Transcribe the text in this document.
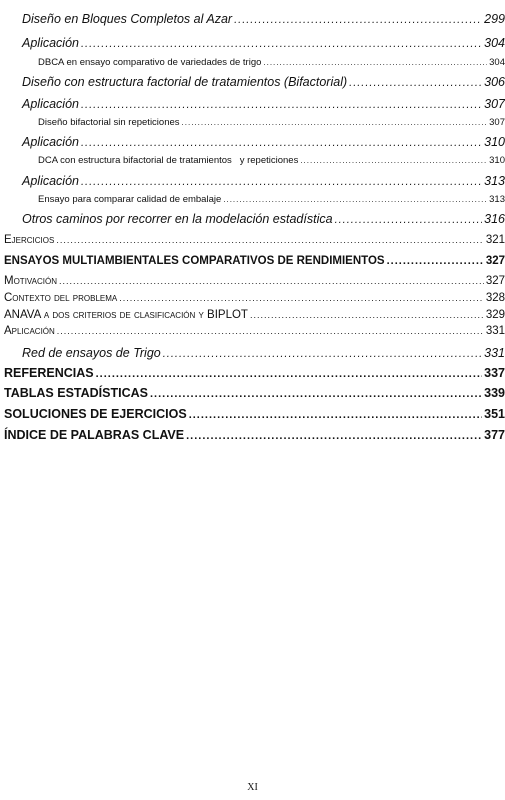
Diseño en Bloques Completos al Azar .....	299
Aplicación .....	304
DBCA en ensayo comparativo de variedades de trigo .....	304
Diseño con estructura factorial de tratamientos (Bifactorial) .....	306
Aplicación .....	307
Diseño bifactorial sin repeticiones .....	307
Aplicación .....	310
DCA con estructura bifactorial de tratamientos   y repeticiones .....	310
Aplicación .....	313
Ensayo para comparar calidad de embalaje .....	313
Otros caminos por recorrer en la modelación estadística .....	316
Ejercicios .....	321
ENSAYOS MULTIAMBIENTALES COMPARATIVOS DE RENDIMIENTOS .....	327
Motivación .....	327
Contexto del problema .....	328
ANAVA a dos criterios de clasificación y BIPLOT .....	329
Aplicación .....	331
Red de ensayos de Trigo .....	331
REFERENCIAS .....	337
TABLAS ESTADÍSTICAS .....	339
SOLUCIONES DE EJERCICIOS .....	351
ÍNDICE DE PALABRAS CLAVE .....	377
XI
